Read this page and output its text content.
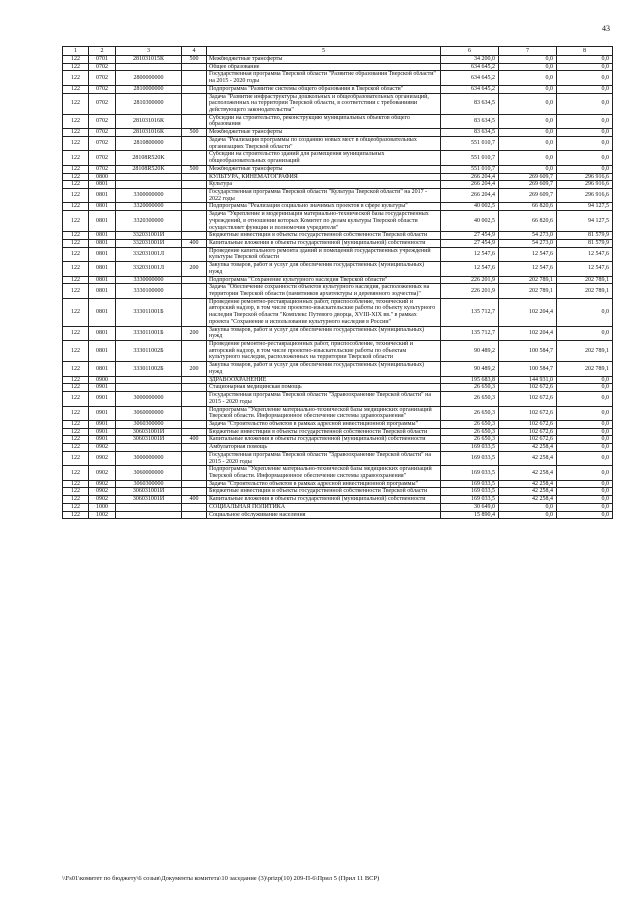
43
1	2	3	4	5	6	7	8
122	0701	281031015К	500	Межбюджетные трансферты	34 200,0	0,0	0,0
122	0702			Общее образование	634 645,2	0,0	0,0
122	0702	2800000000		Государственная программа Тверской области "Развитие образования Тверской области" на 2015 - 2020 годы	634 645,2	0,0	0,0
122	0702	2810000000		Подпрограмма "Развитие системы общего образования в Тверской области"	634 645,2	0,0	0,0
122	0702	2810300000		Задача "Развитие инфраструктуры дошкольных и общеобразовательных организаций, расположенных на территории Тверской области, в соответствии с требованиями действующего законодательства"	83 634,5	0,0	0,0
122	0702	281031016К		Субсидии на строительство, реконструкцию муниципальных объектов общего образования	83 634,5	0,0	0,0
122	0702	281031016К	500	Межбюджетные трансферты	83 634,5	0,0	0,0
122	0702	2810800000		Задача "Реализация программы по созданию новых мест в общеобразовательных организациях Тверской области"	551 010,7	0,0	0,0
122	0702	28108R520K		Субсидии на строительство зданий для размещения муниципальных общеобразовательных организаций	551 010,7	0,0	0,0
122	0702	28108R520K	500	Межбюджетные трансферты	551 010,7	0,0	0,0
122	0800			КУЛЬТУРА, КИНЕМАТОГРАФИЯ	266 204,4	269 609,7	296 916,6
122	0801			Культура	266 204,4	269 609,7	296 916,6
122	0801	3300000000		Государственная программа Тверской области "Культура Тверской области" на 2017 - 2022 годы	266 204,4	269 609,7	296 916,6
122	0801	3320000000		Подпрограмма "Реализация социально значимых проектов в сфере культуры"	40 002,5	66 820,6	94 127,5
122	0801	3320300000		Задача "Укрепление и модернизация материально-технической базы государственных учреждений, в отношении которых Комитет по делам культуры Тверской области осуществляет функции и полномочия учредителя"	40 002,5	66 820,6	94 127,5
122	0801	332031001И		Бюджетные инвестиции в объекты государственной собственности Тверской области	27 454,9	54 273,0	81 579,9
122	0801	332031001И	400	Капитальные вложения в объекты государственной (муниципальной) собственности	27 454,9	54 273,0	81 579,9
122	0801	332031001Л		Проведение капитального ремонта зданий и помещений государственных учреждений культуры Тверской области	12 547,6	12 547,6	12 547,6
122	0801	332031001Л	200	Закупка товаров, работ и услуг для обеспечения государственных (муниципальных) нужд	12 547,6	12 547,6	12 547,6
122	0801	3330000000		Подпрограмма "Сохранение культурного наследия Тверской области"	226 201,9	202 789,1	202 789,1
122	0801	3330100000		Задача "Обеспечение сохранности объектов культурного наследия, расположенных на территории Тверской области (памятников архитектуры и деревянного зодчества)"	226 201,9	202 789,1	202 789,1
122	0801	333011001Б		Проведение ремонтно-реставрационных работ, приспособление, технический и авторский надзор, в том числе проектно-изыскательские работы по объекту культурного наследия Тверской области "Комплекс Путевого дворца, XVIII-XIX вв." в рамках проекта "Сохранение и использование культурного наследия в России"	135 712,7	102 204,4	0,0
122	0801	333011001Б	200	Закупка товаров, работ и услуг для обеспечения государственных (муниципальных) нужд	135 712,7	102 204,4	0,0
122	0801	333011002Б		Проведение ремонтно-реставрационных работ, приспособление, технический и авторский надзор, в том числе проектно-изыскательские работы по объектам культурного наследия, расположенных на территории Тверской области	90 489,2	100 584,7	202 789,1
122	0801	333011002Б	200	Закупка товаров, работ и услуг для обеспечения государственных (муниципальных) нужд	90 489,2	100 584,7	202 789,1
122	0900			ЗДРАВООХРАНЕНИЕ	195 683,8	144 931,0	0,0
122	0901			Стационарная медицинская помощь	26 650,3	102 672,6	0,0
122	0901	3000000000		Государственная программа Тверской области "Здравоохранение Тверской области" на 2015 - 2020 годы	26 650,3	102 672,6	0,0
122	0901	3060000000		Подпрограмма "Укрепление материально-технической базы медицинских организаций Тверской области. Информационное обеспечение системы здравоохранения"	26 650,3	102 672,6	0,0
122	0901	3060300000		Задача "Строительство объектов в рамках адресной инвестиционной программы"	26 650,3	102 672,6	0,0
122	0901	306031001И		Бюджетные инвестиции в объекты государственной собственности Тверской области	26 650,3	102 672,6	0,0
122	0901	306031001И	400	Капитальные вложения в объекты государственной (муниципальной) собственности	26 650,3	102 672,6	0,0
122	0902			Амбулаторная помощь	169 033,5	42 258,4	0,0
122	0902	3000000000		Государственная программа Тверской области "Здравоохранение Тверской области" на 2015 - 2020 годы	169 033,5	42 258,4	0,0
122	0902	3060000000		Подпрограмма "Укрепление материально-технической базы медицинских организаций Тверской области. Информационное обеспечение системы здравоохранения"	169 033,5	42 258,4	0,0
122	0902	3060300000		Задача "Строительство объектов в рамках адресной инвестиционной программы"	169 033,5	42 258,4	0,0
122	0902	306031001И		Бюджетные инвестиции в объекты государственной собственности Тверской области	169 033,5	42 258,4	0,0
122	0902	306031001И	400	Капитальные вложения в объекты государственной (муниципальной) собственности	169 033,5	42 258,4	0,0
122	1000			СОЦИАЛЬНАЯ ПОЛИТИКА	30 649,0	0,0	0,0
122	1002			Социальное обслуживание населения	15 890,4	0,0	0,0
\\Fs01\комитет по бюджету\6 созыв\Документы комитета\10 заседание (3)\prizp(10) 209-П-6\Прил 5 (Прил 11 ВСР)
